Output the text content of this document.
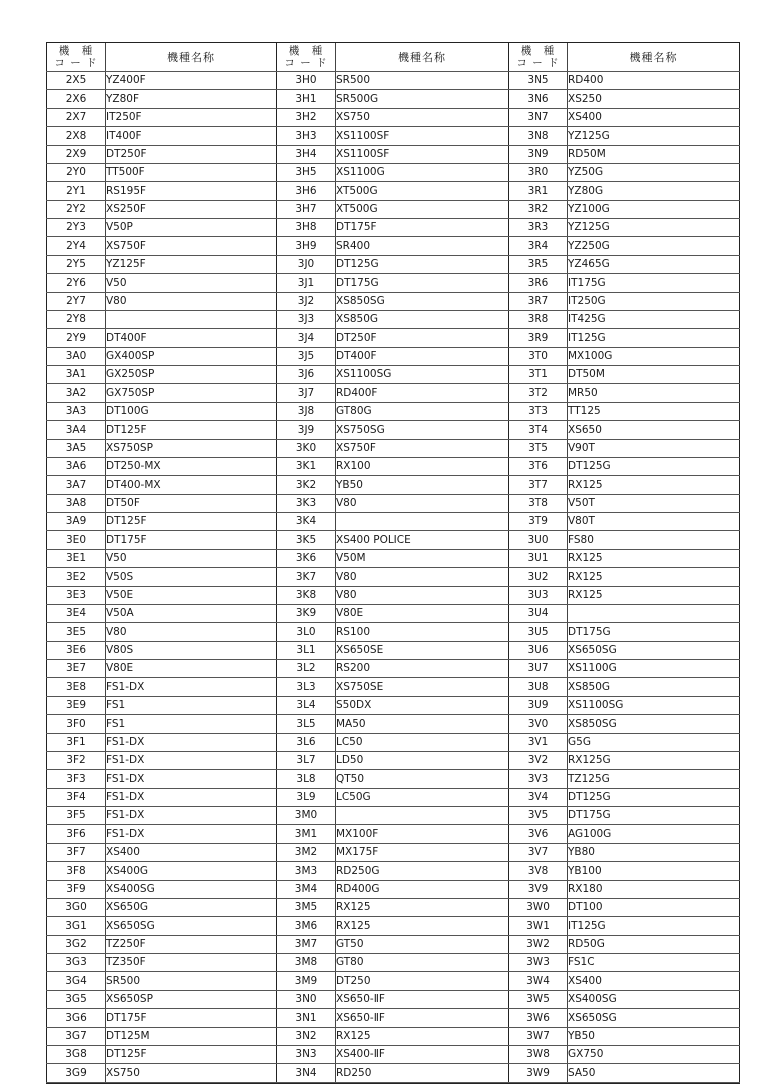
機　種
コ ー ド	機種名称
2X5	YZ400F
2X6	YZ80F
2X7	IT250F
2X8	IT400F
2X9	DT250F
2Y0	TT500F
2Y1	RS195F
2Y2	XS250F
2Y3	V50P
2Y4	XS750F
2Y5	YZ125F
2Y6	V50
2Y7	V80
2Y8	
2Y9	DT400F
3A0	GX400SP
3A1	GX250SP
3A2	GX750SP
3A3	DT100G
3A4	DT125F
3A5	XS750SP
3A6	DT250-MX
3A7	DT400-MX
3A8	DT50F
3A9	DT125F
3E0	DT175F
3E1	V50
3E2	V50S
3E3	V50E
3E4	V50A
3E5	V80
3E6	V80S
3E7	V80E
3E8	FS1-DX
3E9	FS1
3F0	FS1
3F1	FS1-DX
3F2	FS1-DX
3F3	FS1-DX
3F4	FS1-DX
3F5	FS1-DX
3F6	FS1-DX
3F7	XS400
3F8	XS400G
3F9	XS400SG
3G0	XS650G
3G1	XS650SG
3G2	TZ250F
3G3	TZ350F
3G4	SR500
3G5	XS650SP
3G6	DT175F
3G7	DT125M
3G8	DT125F
3G9	XS750
機　種
コ ー ド	機種名称
3H0	SR500
3H1	SR500G
3H2	XS750
3H3	XS1100SF
3H4	XS1100SF
3H5	XS1100G
3H6	XT500G
3H7	XT500G
3H8	DT175F
3H9	SR400
3J0	DT125G
3J1	DT175G
3J2	XS850SG
3J3	XS850G
3J4	DT250F
3J5	DT400F
3J6	XS1100SG
3J7	RD400F
3J8	GT80G
3J9	XS750SG
3K0	XS750F
3K1	RX100
3K2	YB50
3K3	V80
3K4	
3K5	XS400 POLICE
3K6	V50M
3K7	V80
3K8	V80
3K9	V80E
3L0	RS100
3L1	XS650SE
3L2	RS200
3L3	XS750SE
3L4	S50DX
3L5	MA50
3L6	LC50
3L7	LD50
3L8	QT50
3L9	LC50G
3M0	
3M1	MX100F
3M2	MX175F
3M3	RD250G
3M4	RD400G
3M5	RX125
3M6	RX125
3M7	GT50
3M8	GT80
3M9	DT250
3N0	XS650-ⅡF
3N1	XS650-ⅡF
3N2	RX125
3N3	XS400-ⅡF
3N4	RD250
機　種
コ ー ド	機種名称
3N5	RD400
3N6	XS250
3N7	XS400
3N8	YZ125G
3N9	RD50M
3R0	YZ50G
3R1	YZ80G
3R2	YZ100G
3R3	YZ125G
3R4	YZ250G
3R5	YZ465G
3R6	IT175G
3R7	IT250G
3R8	IT425G
3R9	IT125G
3T0	MX100G
3T1	DT50M
3T2	MR50
3T3	TT125
3T4	XS650
3T5	V90T
3T6	DT125G
3T7	RX125
3T8	V50T
3T9	V80T
3U0	FS80
3U1	RX125
3U2	RX125
3U3	RX125
3U4	
3U5	DT175G
3U6	XS650SG
3U7	XS1100G
3U8	XS850G
3U9	XS1100SG
3V0	XS850SG
3V1	G5G
3V2	RX125G
3V3	TZ125G
3V4	DT125G
3V5	DT175G
3V6	AG100G
3V7	YB80
3V8	YB100
3V9	RX180
3W0	DT100
3W1	IT125G
3W2	RD50G
3W3	FS1C
3W4	XS400
3W5	XS400SG
3W6	XS650SG
3W7	YB50
3W8	GX750
3W9	SA50
